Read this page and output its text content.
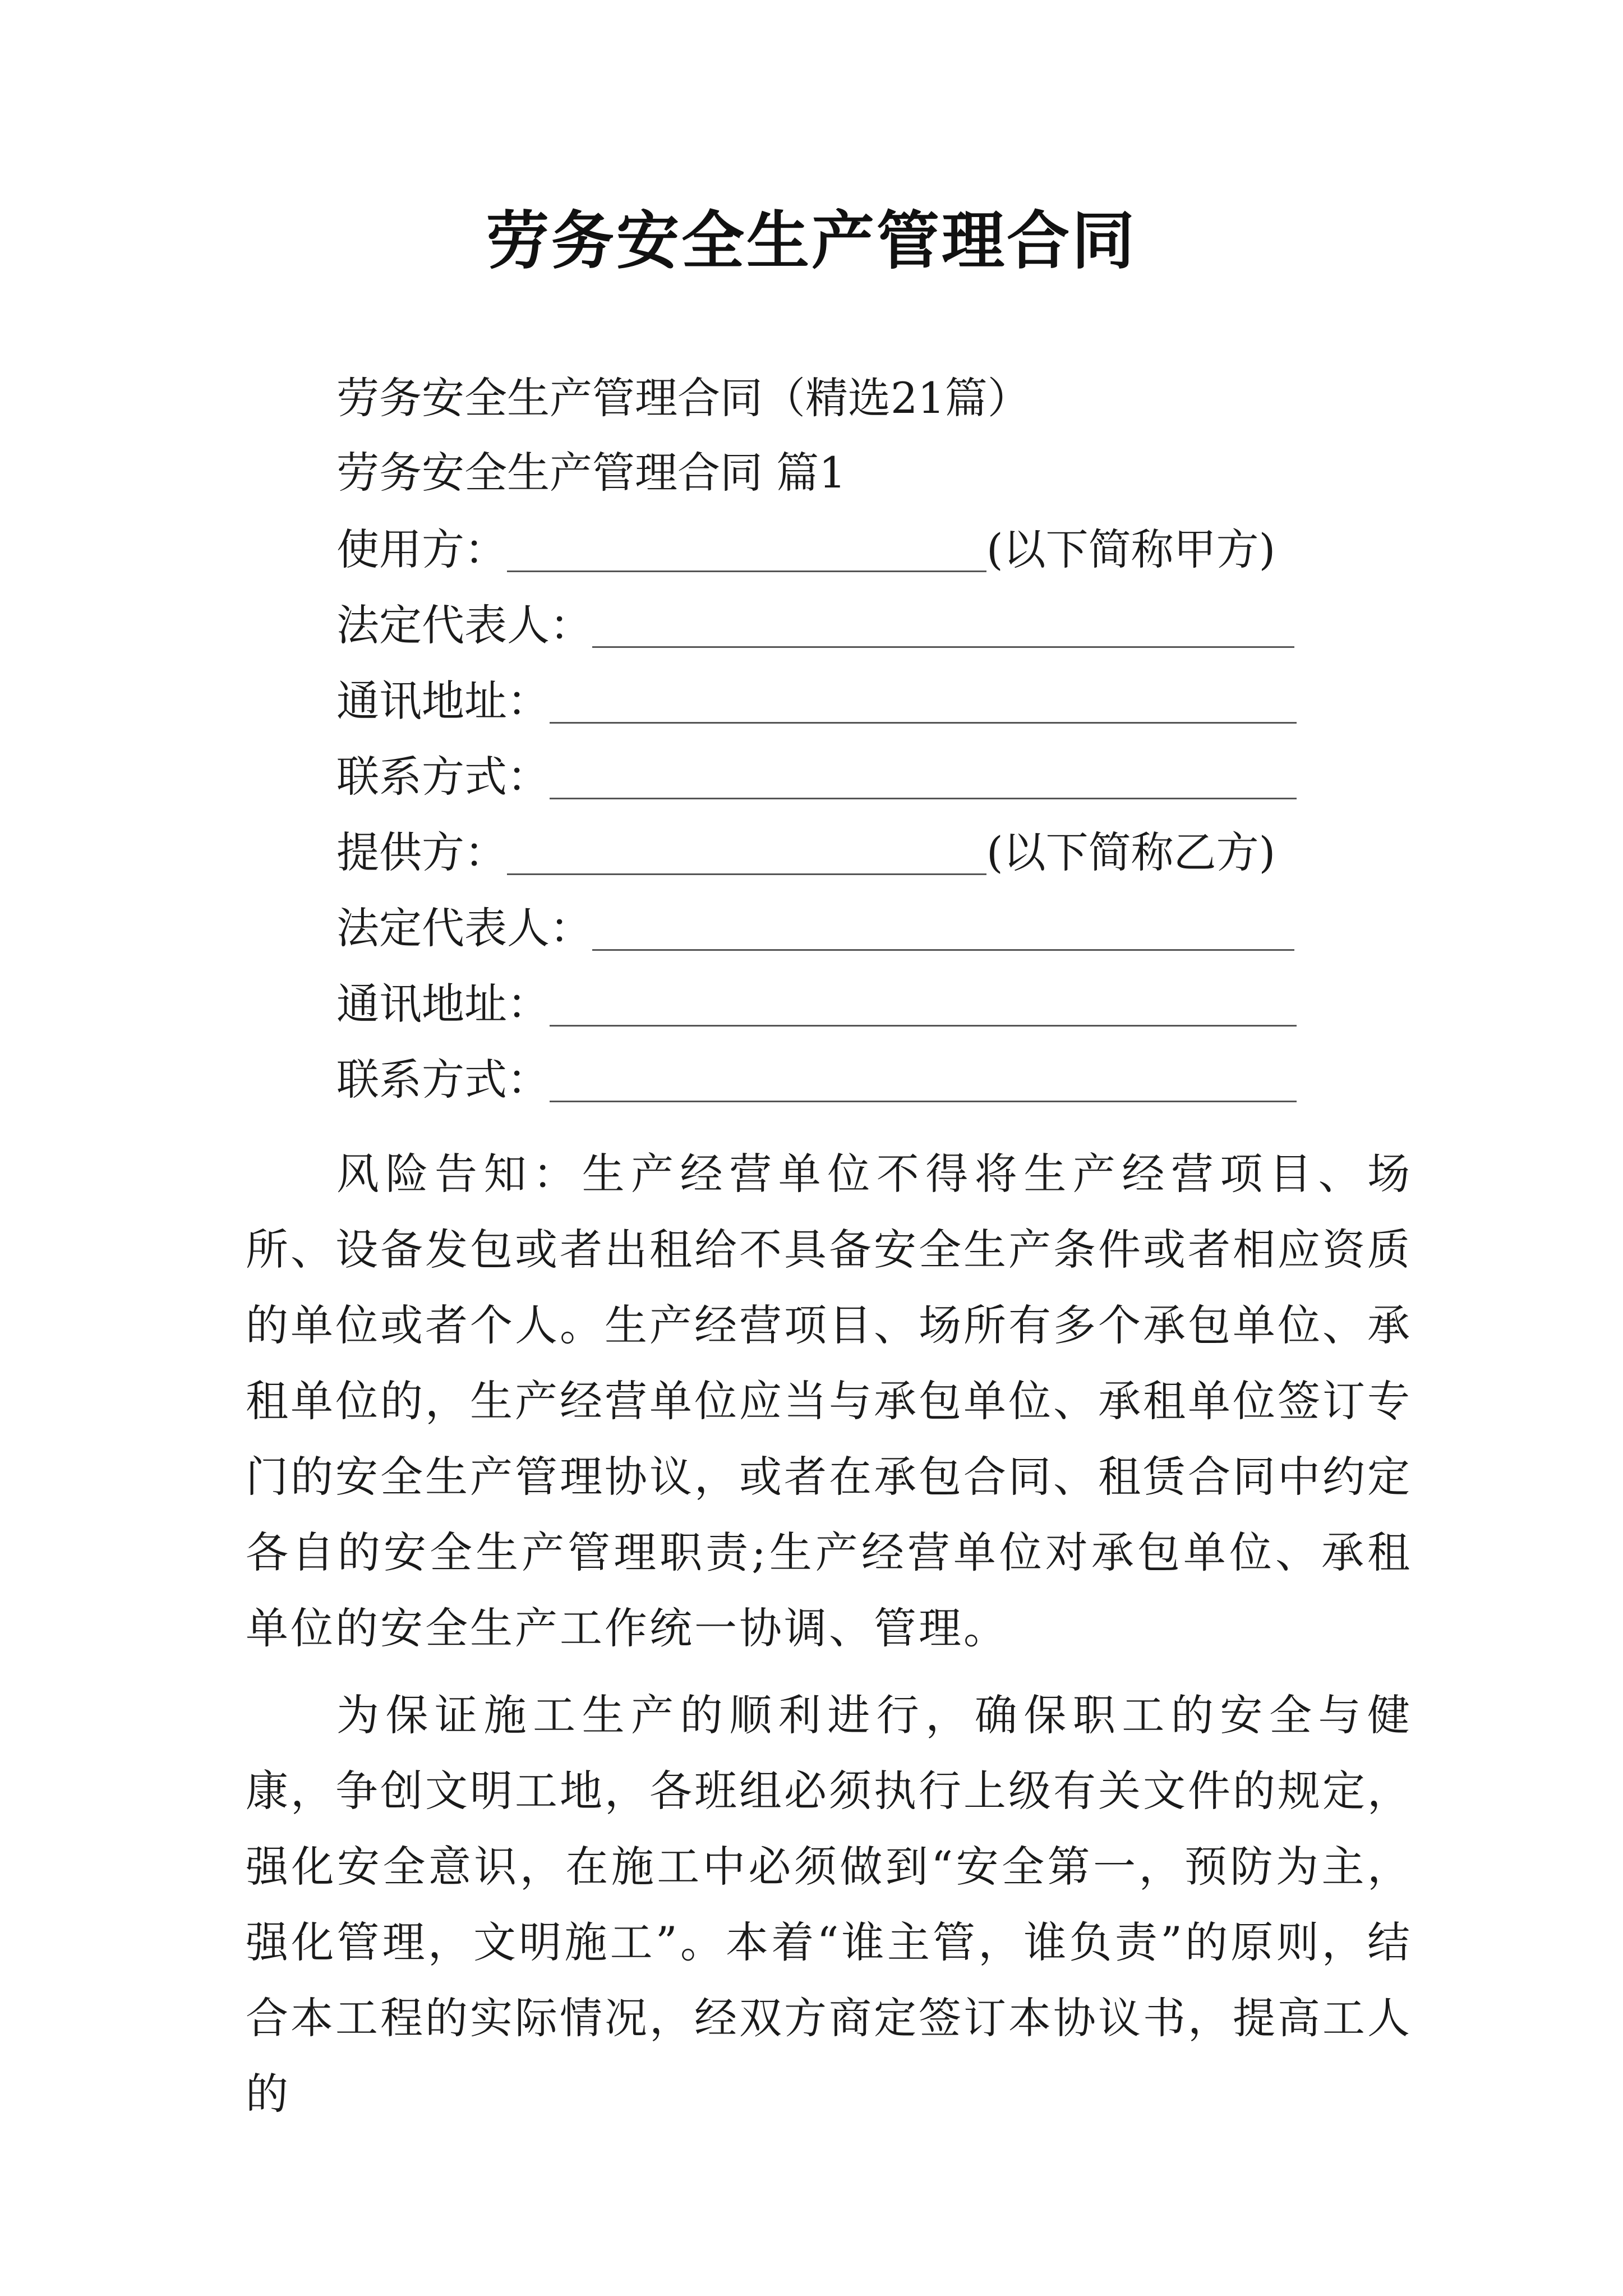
劳务安全生产管理合同
劳务安全生产管理合同（精选21篇）
劳务安全生产管理合同 篇1
使用方：	(以下简称甲方)
法定代表人：
通讯地址：
联系方式：
提供方：	(以下简称乙方)
法定代表人：
通讯地址：
联系方式：
风险告知：生产经营单位不得将生产经营项目、场所、设备发包或者出租给不具备安全生产条件或者相应资质的单位或者个人。生产经营项目、场所有多个承包单位、承租单位的，生产经营单位应当与承包单位、承租单位签订专门的安全生产管理协议，或者在承包合同、租赁合同中约定各自的安全生产管理职责;生产经营单位对承包单位、承租单位的安全生产工作统一协调、管理。
为保证施工生产的顺利进行，确保职工的安全与健康，争创文明工地，各班组必须执行上级有关文件的规定，强化安全意识，在施工中必须做到“安全第一，预防为主，强化管理，文明施工”。本着“谁主管，谁负责”的原则，结合本工程的实际情况，经双方商定签订本协议书，提高工人的
